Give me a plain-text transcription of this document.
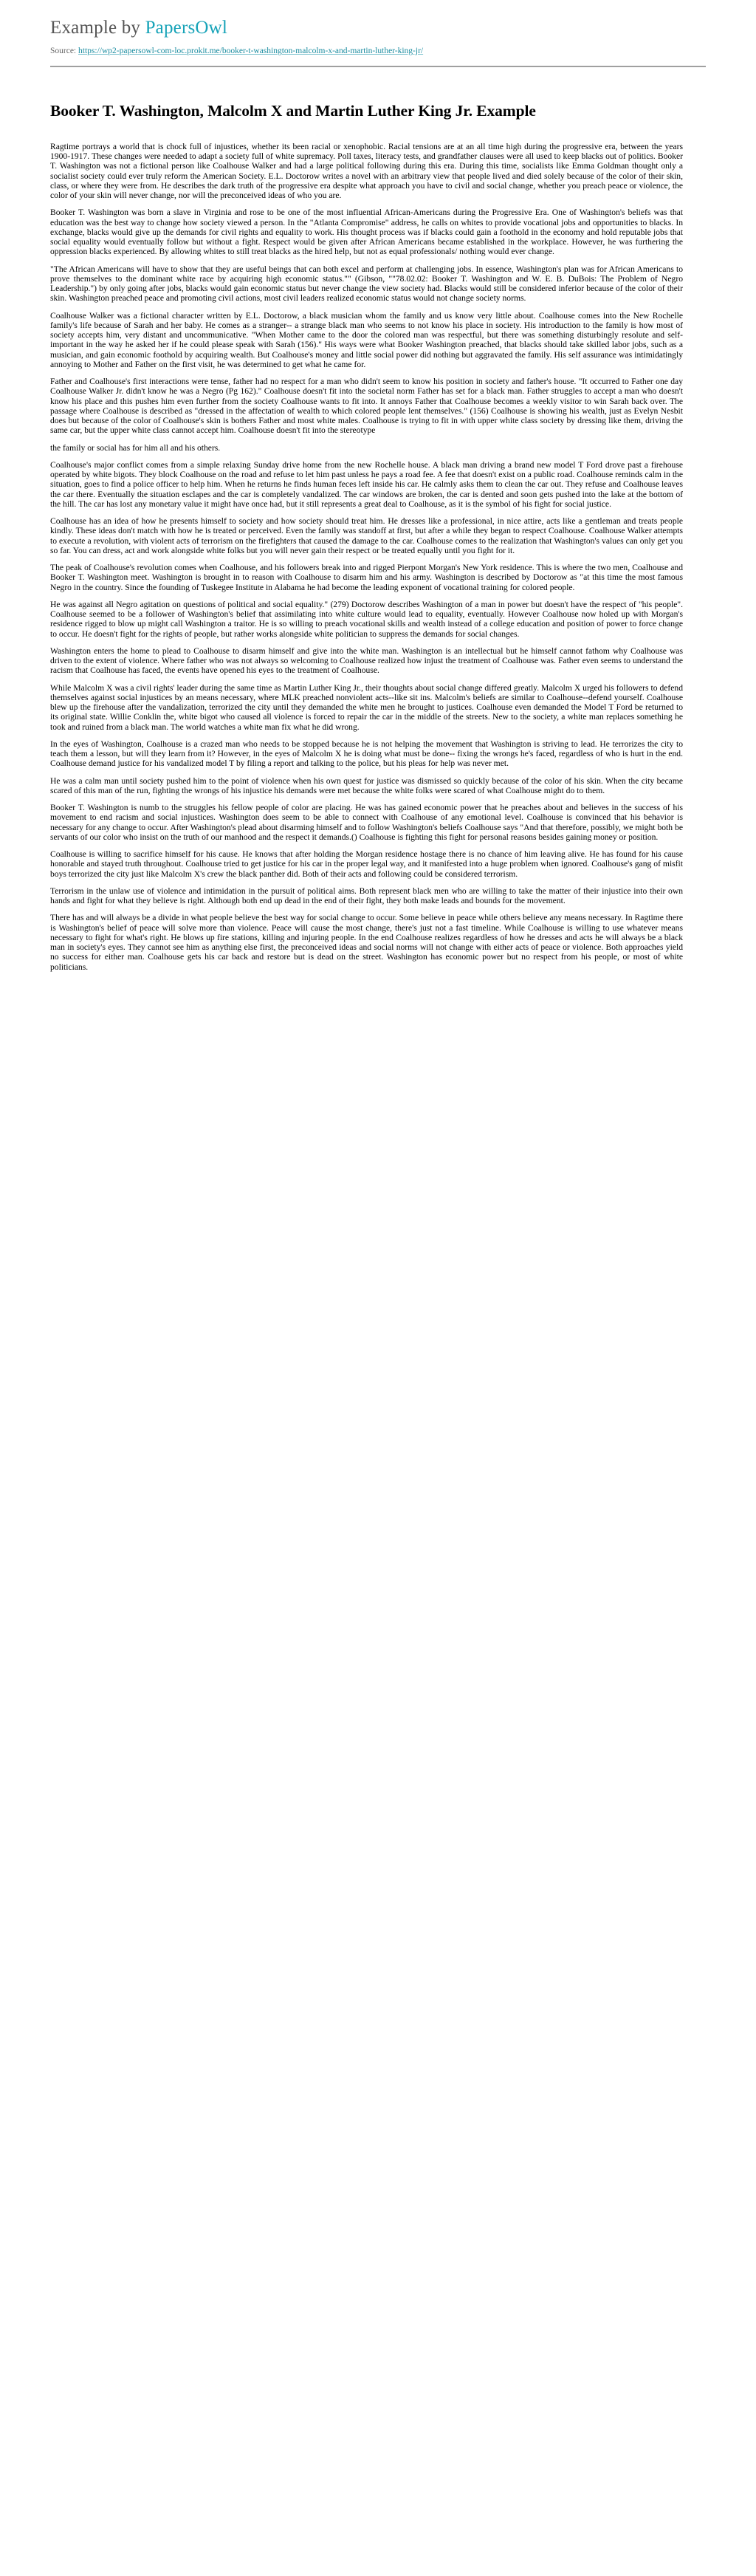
Example by PapersOwl
Source: https://wp2-papersowl-com-loc.prokit.me/booker-t-washington-malcolm-x-and-martin-luther-king-jr/
Booker T. Washington, Malcolm X and Martin Luther King Jr. Example

Ragtime portrays a world that is chock full of injustices, whether its been racial or xenophobic. Racial tensions are at an all time high during the progressive era, between the years 1900-1917. These changes were needed to adapt a society full of white supremacy. Poll taxes, literacy tests, and grandfather clauses were all used to keep blacks out of politics. Booker T. Washington was not a fictional person like Coalhouse Walker and had a large political following during this era. During this time, socialists like Emma Goldman thought only a socialist society could ever truly reform the American Society. E.L. Doctorow writes a novel with an arbitrary view that people lived and died solely because of the color of their skin, class, or where they were from. He describes the dark truth of the progressive era despite what approach you have to civil and social change, whether you preach peace or violence, the color of your skin will never change, nor will the preconceived ideas of who you are.

Booker T. Washington was born a slave in Virginia and rose to be one of the most influential African-Americans during the Progressive Era. One of Washington's beliefs was that education was the best way to change how society viewed a person. In the "Atlanta Compromise" address, he calls on whites to provide vocational jobs and opportunities to blacks. In exchange, blacks would give up the demands for civil rights and equality to work. His thought process was if blacks could gain a foothold in the economy and hold reputable jobs that social equality would eventually follow but without a fight. Respect would be given after African Americans became established in the workplace. However, he was furthering the oppression blacks experienced. By allowing whites to still treat blacks as the hired help, but not as equal professionals/ nothing would ever change.

"The African Americans will have to show that they are useful beings that can both excel and perform at challenging jobs. In essence, Washington's plan was for African Americans to prove themselves to the dominant white race by acquiring high economic status."" (Gibson, ""78.02.02: Booker T. Washington and W. E. B. DuBois: The Problem of Negro Leadership.") by only going after jobs, blacks would gain economic status but never change the view society had. Blacks would still be considered inferior because of the color of their skin. Washington preached peace and promoting civil actions, most civil leaders realized economic status would not change society norms.

Coalhouse Walker was a fictional character written by E.L. Doctorow, a black musician whom the family and us know very little about. Coalhouse comes into the New Rochelle family's life because of Sarah and her baby. He comes as a stranger-- a strange black man who seems to not know his place in society. His introduction to the family is how most of society accepts him, very distant and uncommunicative. "When Mother came to the door the colored man was respectful, but there was something disturbingly resolute and self-important in the way he asked her if he could please speak with Sarah (156)." His ways were what Booker Washington preached, that blacks should take skilled labor jobs, such as a musician, and gain economic foothold by acquiring wealth. But Coalhouse's money and little social power did nothing but aggravated the family. His self assurance was intimidatingly annoying to Mother and Father on the first visit, he was determined to get what he came for.

Father and Coalhouse's first interactions were tense, father had no respect for a man who didn't seem to know his position in society and father's house. "It occurred to Father one day Coalhouse Walker Jr. didn't know he was a Negro (Pg 162)." Coalhouse doesn't fit into the societal norm Father has set for a black man. Father struggles to accept a man who doesn't know his place and this pushes him even further from the society Coalhouse wants to fit into. It annoys Father that Coalhouse becomes a weekly visitor to win Sarah back over. The passage where Coalhouse is described as "dressed in the affectation of wealth to which colored people lent themselves." (156) Coalhouse is showing his wealth, just as Evelyn Nesbit does but because of the color of Coalhouse's skin is bothers Father and most white males. Coalhouse is trying to fit in with upper white class society by dressing like them, driving the same car, but the upper white class cannot accept him. Coalhouse doesn't fit into the stereotype

the family or social has for him all and his others.

Coalhouse's major conflict comes from a simple relaxing Sunday drive home from the new Rochelle house. A black man driving a brand new model T Ford drove past a firehouse operated by white bigots. They block Coalhouse on the road and refuse to let him past unless he pays a road fee. A fee that doesn't exist on a public road. Coalhouse reminds calm in the situation, goes to find a police officer to help him. When he returns he finds human feces left inside his car. He calmly asks them to clean the car out. They refuse and Coalhouse leaves the car there. Eventually the situation esclapes and the car is completely vandalized. The car windows are broken, the car is dented and soon gets pushed into the lake at the bottom of the hill. The car has lost any monetary value it might have once had, but it still represents a great deal to Coalhouse, as it is the symbol of his fight for social justice.

Coalhouse has an idea of how he presents himself to society and how society should treat him. He dresses like a professional, in nice attire, acts like a gentleman and treats people kindly. These ideas don't match with how he is treated or perceived. Even the family was standoff at first, but after a while they began to respect Coalhouse. Coalhouse Walker attempts to execute a revolution, with violent acts of terrorism on the firefighters that caused the damage to the car. Coalhouse comes to the realization that Washington's values can only get you so far. You can dress, act and work alongside white folks but you will never gain their respect or be treated equally until you fight for it.

The peak of Coalhouse's revolution comes when Coalhouse, and his followers break into and rigged Pierpont Morgan's New York residence. This is where the two men, Coalhouse and Booker T. Washington meet. Washington is brought in to reason with Coalhouse to disarm him and his army. Washington is described by Doctorow as "at this time the most famous Negro in the country. Since the founding of Tuskegee Institute in Alabama he had become the leading exponent of vocational training for colored people.

He was against all Negro agitation on questions of political and social equality." (279) Doctorow describes Washington of a man in power but doesn't have the respect of "his people". Coalhouse seemed to be a follower of Washington's belief that assimilating into white culture would lead to equality, eventually. However Coalhouse now holed up with Morgan's residence rigged to blow up might call Washington a traitor. He is so willing to preach vocational skills and wealth instead of a college education and position of power to force change to occur. He doesn't fight for the rights of people, but rather works alongside white politician to suppress the demands for social changes.

Washington enters the home to plead to Coalhouse to disarm himself and give into the white man. Washington is an intellectual but he himself cannot fathom why Coalhouse was driven to the extent of violence. Where father who was not always so welcoming to Coalhouse realized how injust the treatment of Coalhouse was. Father even seems to understand the racism that Coalhouse has faced, the events have opened his eyes to the treatment of Coalhouse.

While Malcolm X was a civil rights' leader during the same time as Martin Luther King Jr., their thoughts about social change differed greatly. Malcolm X urged his followers to defend themselves against social injustices by an means necessary, where MLK preached nonviolent acts--like sit ins. Malcolm's beliefs are similar to Coalhouse--defend yourself. Coalhouse blew up the firehouse after the vandalization, terrorized the city until they demanded the white men he brought to justices. Coalhouse even demanded the Model T Ford be returned to its original state. Willie Conklin the, white bigot who caused all violence is forced to repair the car in the middle of the streets. New to the society, a white man replaces something he took and ruined from a black man. The world watches a white man fix what he did wrong.

In the eyes of Washington, Coalhouse is a crazed man who needs to be stopped because he is not helping the movement that Washington is striving to lead. He terrorizes the city to teach them a lesson, but will they learn from it? However, in the eyes of Malcolm X he is doing what must be done-- fixing the wrongs he's faced, regardless of who is hurt in the end. Coalhouse demand justice for his vandalized model T by filing a report and talking to the police, but his pleas for help was never met.

He was a calm man until society pushed him to the point of violence when his own quest for justice was dismissed so quickly because of the color of his skin. When the city became scared of this man of the run, fighting the wrongs of his injustice his demands were met because the white folks were scared of what Coalhouse might do to them.

Booker T. Washington is numb to the struggles his fellow people of color are placing. He was has gained economic power that he preaches about and believes in the success of his movement to end racism and social injustices. Washington does seem to be able to connect with Coalhouse of any emotional level. Coalhouse is convinced that his behavior is necessary for any change to occur. After Washington's plead about disarming himself and to follow Washington's beliefs Coalhouse says "And that therefore, possibly, we might both be servants of our color who insist on the truth of our manhood and the respect it demands.() Coalhouse is fighting this fight for personal reasons besides gaining money or position.

Coalhouse is willing to sacrifice himself for his cause. He knows that after holding the Morgan residence hostage there is no chance of him leaving alive. He has found for his cause honorable and stayed truth throughout. Coalhouse tried to get justice for his car in the proper legal way, and it manifested into a huge problem when ignored. Coalhouse's gang of misfit boys terrorized the city just like Malcolm X's crew the black panther did. Both of their acts and following could be considered terrorism.

Terrorism in the unlaw use of violence and intimidation in the pursuit of political aims. Both represent black men who are willing to take the matter of their injustice into their own hands and fight for what they believe is right. Although both end up dead in the end of their fight, they both make leads and bounds for the movement.

There has and will always be a divide in what people believe the best way for social change to occur. Some believe in peace while others believe any means necessary. In Ragtime there is Washington's belief of peace will solve more than violence. Peace will cause the most change, there's just not a fast timeline. While Coalhouse is willing to use whatever means necessary to fight for what's right. He blows up fire stations, killing and injuring people. In the end Coalhouse realizes regardless of how he dresses and acts he will always be a black man in society's eyes. They cannot see him as anything else first, the preconceived ideas and social norms will not change with either acts of peace or violence. Both approaches yield no success for either man. Coalhouse gets his car back and restore but is dead on the street. Washington has economic power but no respect from his people, or most of white politicians.
